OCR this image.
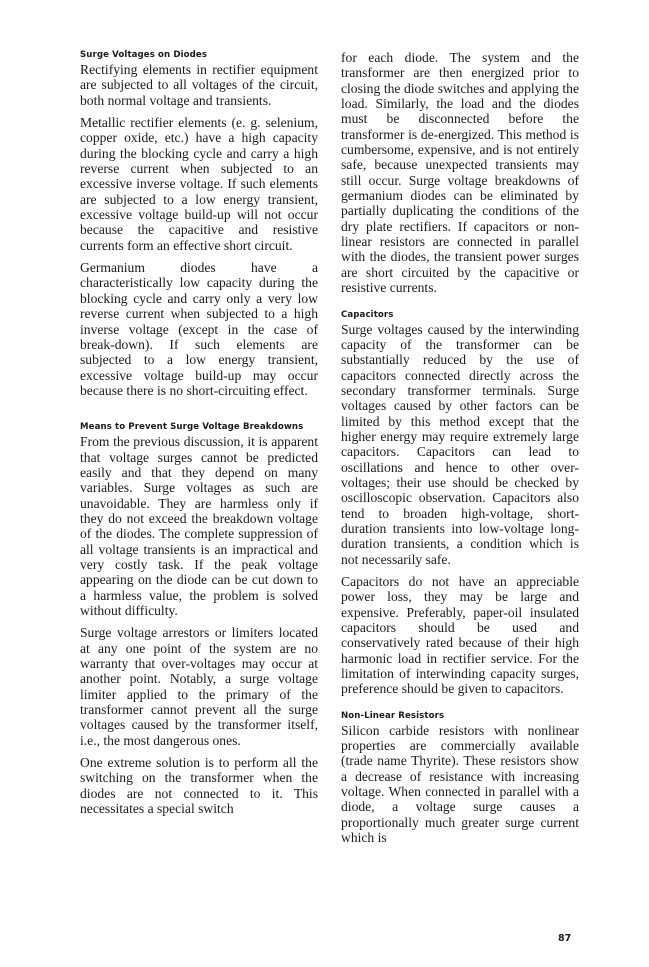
Surge Voltages on Diodes

Rectifying elements in rectifier equipment are subjected to all voltages of the circuit, both normal voltage and transients.

Metallic rectifier elements (e. g. selenium, copper oxide, etc.) have a high capacity during the blocking cycle and carry a high reverse current when subjected to an excessive inverse voltage. If such elements are subjected to a low energy transient, excessive voltage build-up will not occur because the capacitive and resistive currents form an effective short circuit.

Germanium diodes have a characteristically low capacity during the blocking cycle and carry only a very low reverse current when subjected to a high inverse voltage (except in the case of break-down). If such elements are subjected to a low energy transient, excessive voltage build-up may occur because there is no short-circuiting effect.

Means to Prevent Surge Voltage Breakdowns

From the previous discussion, it is apparent that voltage surges cannot be predicted easily and that they depend on many variables. Surge voltages as such are unavoidable. They are harmless only if they do not exceed the breakdown voltage of the diodes. The complete suppression of all voltage transients is an impractical and very costly task. If the peak voltage appearing on the diode can be cut down to a harmless value, the problem is solved without difficulty.

Surge voltage arrestors or limiters located at any one point of the system are no warranty that over-voltages may occur at another point. Notably, a surge voltage limiter applied to the primary of the transformer cannot prevent all the surge voltages caused by the transformer itself, i.e., the most dangerous ones.

One extreme solution is to perform all the switching on the transformer when the diodes are not connected to it. This necessitates a special switch

for each diode. The system and the transformer are then energized prior to closing the diode switches and applying the load. Similarly, the load and the diodes must be disconnected before the transformer is de-energized. This method is cumbersome, expensive, and is not entirely safe, because unexpected transients may still occur. Surge voltage breakdowns of germanium diodes can be eliminated by partially duplicating the conditions of the dry plate rectifiers. If capacitors or non-linear resistors are connected in parallel with the diodes, the transient power surges are short circuited by the capacitive or resistive currents.

Capacitors

Surge voltages caused by the interwinding capacity of the transformer can be substantially reduced by the use of capacitors connected directly across the secondary transformer terminals. Surge voltages caused by other factors can be limited by this method except that the higher energy may require extremely large capacitors. Capacitors can lead to oscillations and hence to other over-voltages; their use should be checked by oscilloscopic observation. Capacitors also tend to broaden high-voltage, short-duration transients into low-voltage long-duration transients, a condition which is not necessarily safe.

Capacitors do not have an appreciable power loss, they may be large and expensive. Preferably, paper-oil insulated capacitors should be used and conservatively rated because of their high harmonic load in rectifier service. For the limitation of interwinding capacity surges, preference should be given to capacitors.

Non-Linear Resistors

Silicon carbide resistors with nonlinear properties are commercially available (trade name Thyrite). These resistors show a decrease of resistance with increasing voltage. When connected in parallel with a diode, a voltage surge causes a proportionally much greater surge current which is

87
